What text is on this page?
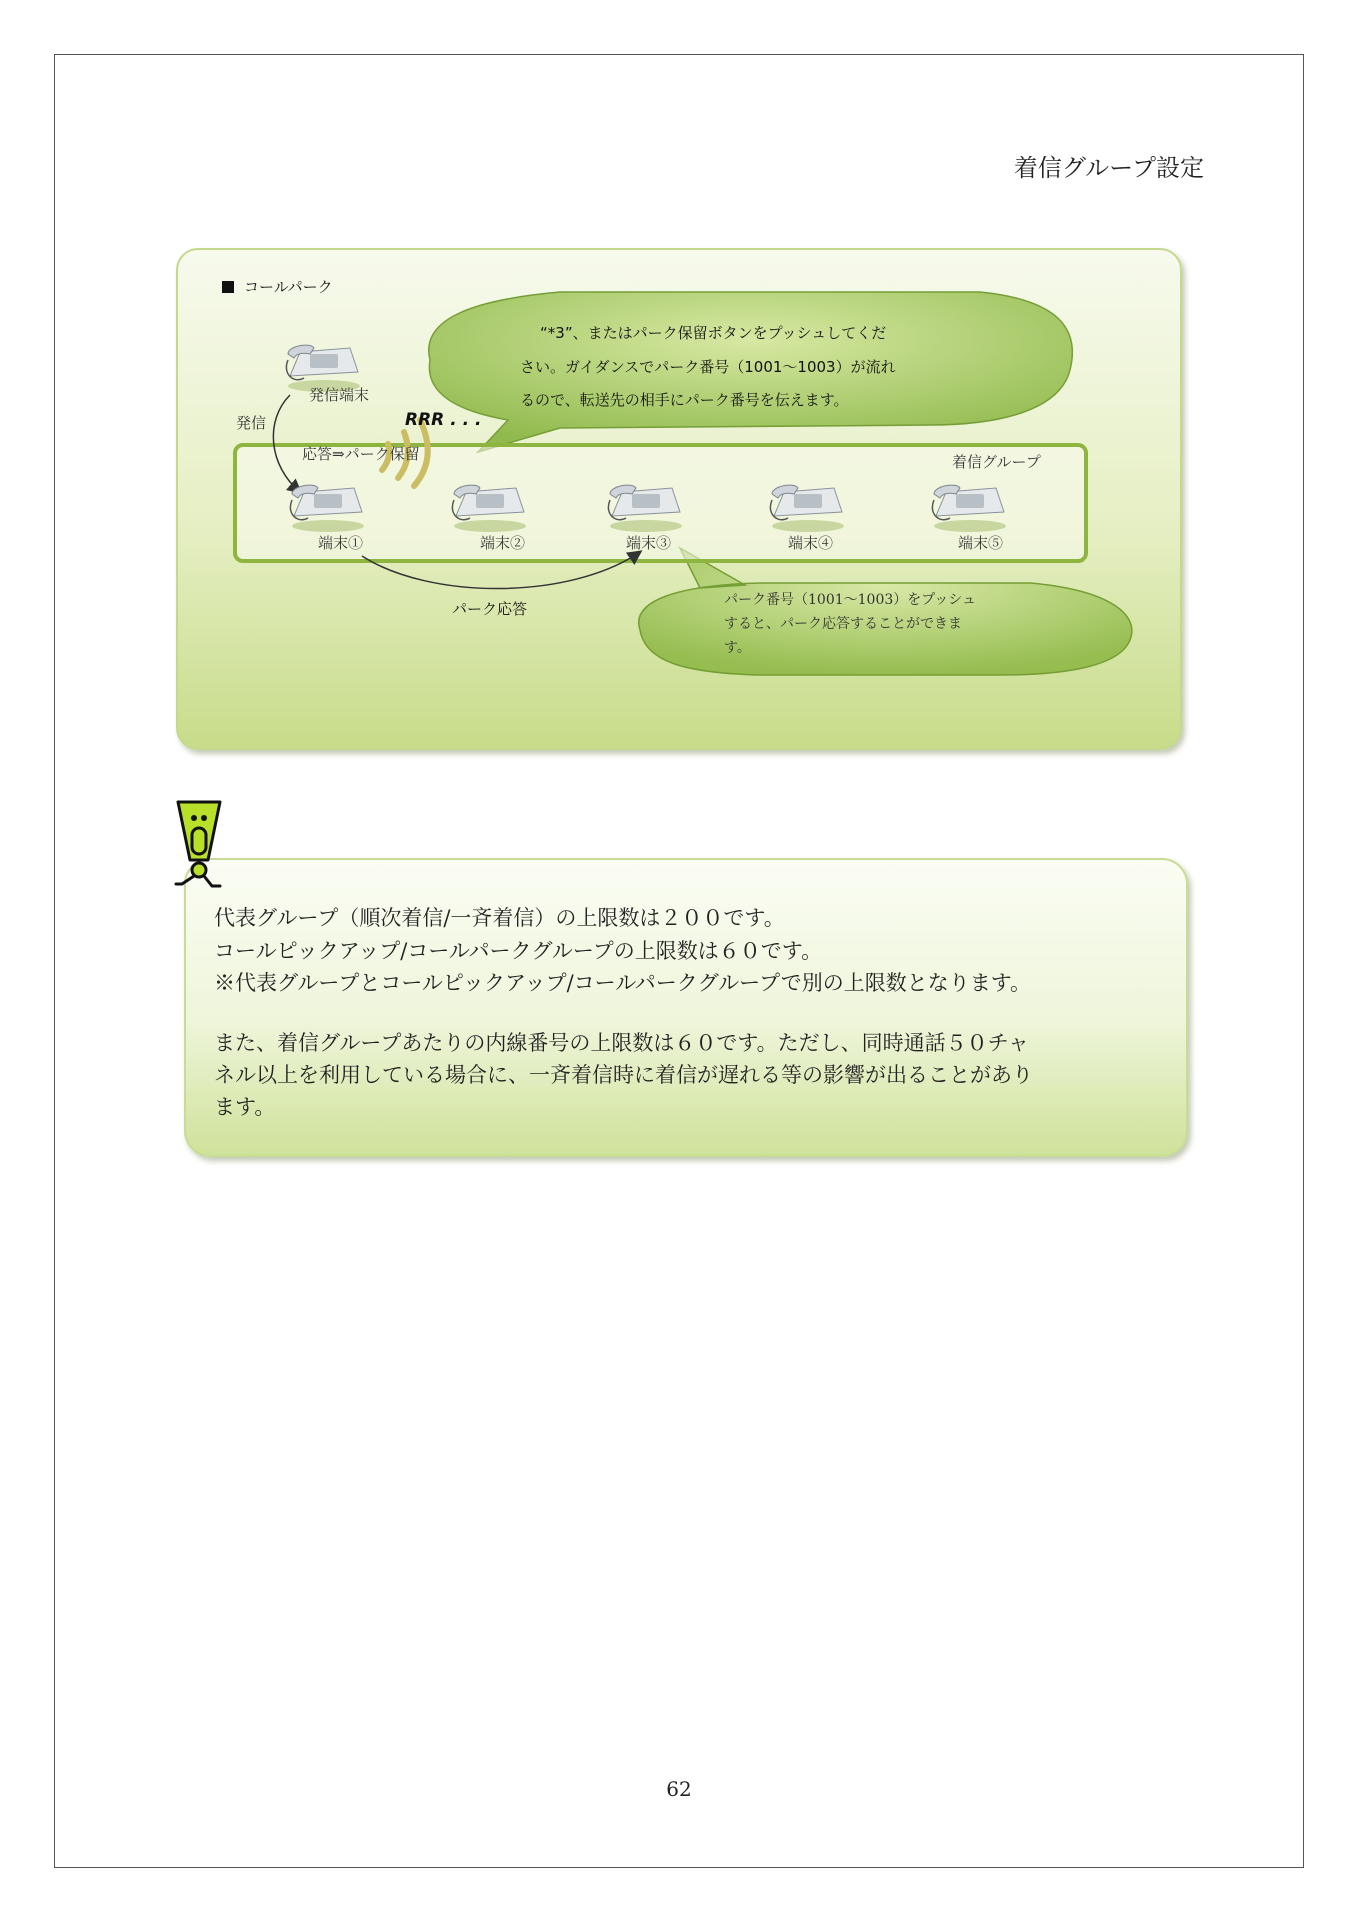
着信グループ設定
コールパーク
“*3”、またはパーク保留ボタンをプッシュしてくだ
さい。ガイダンスでパーク番号（1001～1003）が流れ
るので、転送先の相手にパーク番号を伝えます。
着信グループ
RRR . . .
発信端末
発信
応答⇒パーク保留
端末①	端末②	端末③	端末④	端末⑤
パーク応答	パーク番号（1001～1003）をプッシュ
すると、パーク応答することができま
す。
代表グループ（順次着信/一斉着信）の上限数は２００です。
コールピックアップ/コールパークグループの上限数は６０です。
※代表グループとコールピックアップ/コールパークグループで別の上限数となります。
また、着信グループあたりの内線番号の上限数は６０です。ただし、同時通話５０チャ
ネル以上を利用している場合に、一斉着信時に着信が遅れる等の影響が出ることがあり
ます。
62
